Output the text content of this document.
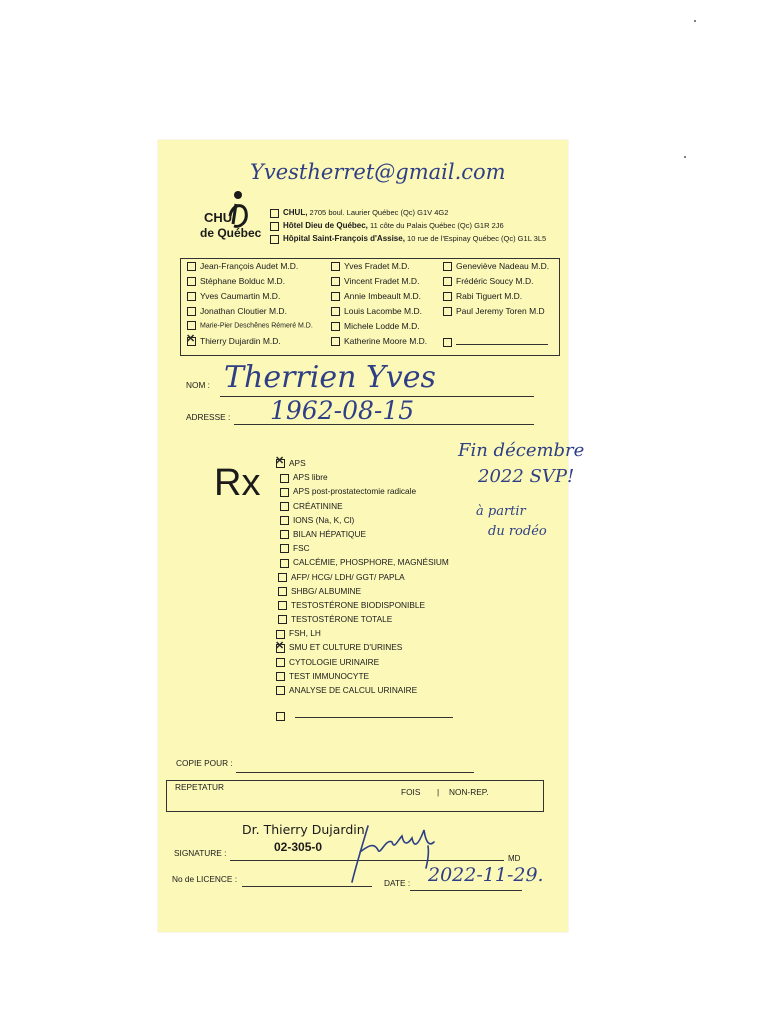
Yvestherret@gmail.com
CHU
de Québec
CHUL, 2705 boul. Laurier Québec (Qc) G1V 4G2
Hôtel Dieu de Québec, 11 côte du Palais Québec (Qc) G1R 2J6
Hôpital Saint-François d'Assise, 10 rue de l'Espinay Québec (Qc) G1L 3L5
Jean-François Audet M.D.
Stéphane Bolduc M.D.
Yves Caumartin M.D.
Jonathan Cloutier M.D.
Marie-Pier Deschênes Rémeré M.D.
✕Thierry Dujardin M.D.
Yves Fradet M.D.
Vincent Fradet M.D.
Annie Imbeault M.D.
Louis Lacombe M.D.
Michele Lodde M.D.
Katherine Moore M.D.
Geneviève Nadeau M.D.
Frédéric Soucy M.D.
Rabi Tiguert M.D.
Paul Jeremy Toren M.D
NOM : Therrien Yves
ADRESSE : 1962-08-15
Rx
✕	APS
APS libre
APS post-prostatectomie radicale
CRÉATININE
IONS (Na, K, Cl)
BILAN HÉPATIQUE
FSC
CALCÉMIE, PHOSPHORE, MAGNÉSIUM
AFP/ HCG/ LDH/ GGT/ PAPLA
SHBG/ ALBUMINE
TESTOSTÉRONE BIODISPONIBLE
TESTOSTÉRONE TOTALE
FSH, LH
✕SMU ET CULTURE D'URINES
CYTOLOGIE URINAIRE
TEST IMMUNOCYTE
ANALYSE DE CALCUL URINAIRE
Fin décembre
2022 SVP!
à partir
du rodéo
COPIE POUR :
REPETATUR	FOIS | NON-REP.
Dr. Thierry Dujardin
02-305-0
SIGNATURE :
MD
No de LICENCE :	DATE : 2022-11-29.
